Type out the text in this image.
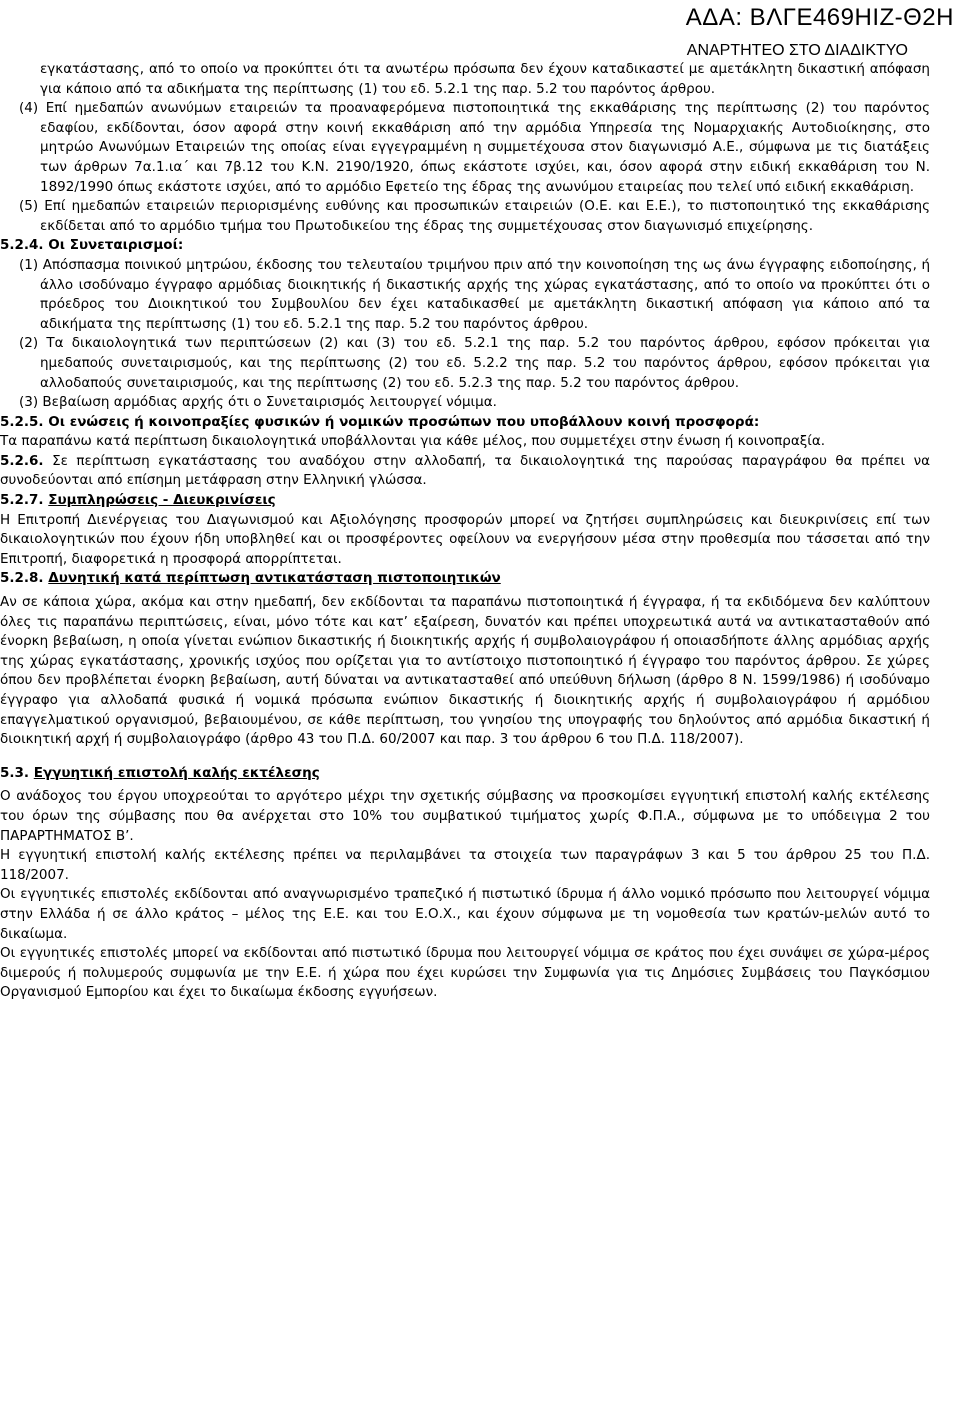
ΑΔΑ: ΒΛΓΕ469ΗΙΖ-Θ2Η
ΑΝΑΡΤΗΤΕΟ ΣΤΟ ΔΙΑΔΙΚΤΥΟ

εγκατάστασης, από το οποίο να προκύπτει ότι τα ανωτέρω πρόσωπα δεν έχουν καταδικαστεί με αμετάκλητη δικαστική απόφαση για κάποιο από τα αδικήματα της περίπτωσης (1) του εδ. 5.2.1 της παρ. 5.2 του παρόντος άρθρου.

(4) Επί ημεδαπών ανωνύμων εταιρειών τα προαναφερόμενα πιστοποιητικά της εκκαθάρισης της περίπτωσης (2) του παρόντος εδαφίου, εκδίδονται, όσον αφορά στην κοινή εκκαθάριση από την αρμόδια Υπηρεσία της Νομαρχιακής Αυτοδιοίκησης, στο μητρώο Ανωνύμων Εταιρειών της οποίας είναι εγγεγραμμένη η συμμετέχουσα στον διαγωνισμό Α.Ε., σύμφωνα με τις διατάξεις των άρθρων 7α.1.ια΄ και 7β.12 του Κ.Ν. 2190/1920, όπως εκάστοτε ισχύει, και, όσον αφορά στην ειδική εκκαθάριση του Ν. 1892/1990 όπως εκάστοτε ισχύει, από το αρμόδιο Εφετείο της έδρας της ανωνύμου εταιρείας που τελεί υπό ειδική εκκαθάριση.

(5) Επί ημεδαπών εταιρειών περιορισμένης ευθύνης και προσωπικών εταιρειών (Ο.Ε. και Ε.Ε.), το πιστοποιητικό της εκκαθάρισης εκδίδεται από το αρμόδιο τμήμα του Πρωτοδικείου της έδρας της συμμετέχουσας στον διαγωνισμό επιχείρησης.

5.2.4. Οι Συνεταιρισμοί:

(1) Απόσπασμα ποινικού μητρώου, έκδοσης του τελευταίου τριμήνου πριν από την κοινοποίηση της ως άνω έγγραφης ειδοποίησης, ή άλλο ισοδύναμο έγγραφο αρμόδιας διοικητικής ή δικαστικής αρχής της χώρας εγκατάστασης, από το οποίο να προκύπτει ότι ο πρόεδρος του Διοικητικού του Συμβουλίου δεν έχει καταδικασθεί με αμετάκλητη δικαστική απόφαση για κάποιο από τα αδικήματα της περίπτωσης (1) του εδ. 5.2.1 της παρ. 5.2 του παρόντος άρθρου.

(2) Τα δικαιολογητικά των περιπτώσεων (2) και (3) του εδ. 5.2.1 της παρ. 5.2 του παρόντος άρθρου, εφόσον πρόκειται για ημεδαπούς συνεταιρισμούς, και της περίπτωσης (2) του εδ. 5.2.2 της παρ. 5.2 του παρόντος άρθρου, εφόσον πρόκειται για αλλοδαπούς συνεταιρισμούς, και της περίπτωσης (2) του εδ. 5.2.3 της παρ. 5.2 του παρόντος άρθρου.

(3) Βεβαίωση αρμόδιας αρχής ότι ο Συνεταιρισμός λειτουργεί νόμιμα.

5.2.5. Οι ενώσεις ή κοινοπραξίες φυσικών ή νομικών προσώπων που υποβάλλουν κοινή προσφορά:

Τα παραπάνω κατά περίπτωση δικαιολογητικά υποβάλλονται για κάθε μέλος, που συμμετέχει στην ένωση ή κοινοπραξία.

5.2.6. Σε περίπτωση εγκατάστασης του αναδόχου στην αλλοδαπή, τα δικαιολογητικά της παρούσας παραγράφου θα πρέπει να συνοδεύονται από επίσημη μετάφραση στην Ελληνική γλώσσα.

5.2.7. Συμπληρώσεις - Διευκρινίσεις

Η Επιτροπή Διενέργειας του Διαγωνισμού και Αξιολόγησης προσφορών μπορεί να ζητήσει συμπληρώσεις και διευκρινίσεις επί των δικαιολογητικών που έχουν ήδη υποβληθεί και οι προσφέροντες οφείλουν να ενεργήσουν μέσα στην προθεσμία που τάσσεται από την Επιτροπή, διαφορετικά η προσφορά απορρίπτεται.

5.2.8. Δυνητική κατά περίπτωση αντικατάσταση πιστοποιητικών

Αν σε κάποια χώρα, ακόμα και στην ημεδαπή, δεν εκδίδονται τα παραπάνω πιστοποιητικά ή έγγραφα, ή τα εκδιδόμενα δεν καλύπτουν όλες τις παραπάνω περιπτώσεις, είναι, μόνο τότε και κατ’ εξαίρεση, δυνατόν και πρέπει υποχρεωτικά αυτά να αντικατασταθούν από ένορκη βεβαίωση, η οποία γίνεται ενώπιον δικαστικής ή διοικητικής αρχής ή συμβολαιογράφου ή οποιασδήποτε άλλης αρμόδιας αρχής της χώρας εγκατάστασης, χρονικής ισχύος που ορίζεται για το αντίστοιχο πιστοποιητικό ή έγγραφο του παρόντος άρθρου. Σε χώρες όπου δεν προβλέπεται ένορκη βεβαίωση, αυτή δύναται να αντικατασταθεί από υπεύθυνη δήλωση (άρθρο 8 Ν. 1599/1986) ή ισοδύναμο έγγραφο για αλλοδαπά φυσικά ή νομικά πρόσωπα ενώπιον δικαστικής ή διοικητικής αρχής ή συμβολαιογράφου ή αρμόδιου επαγγελματικού οργανισμού, βεβαιουμένου, σε κάθε περίπτωση, του γνησίου της υπογραφής του δηλούντος από αρμόδια δικαστική ή διοικητική αρχή ή συμβολαιογράφο (άρθρο 43 του Π.Δ. 60/2007 και παρ. 3 του άρθρου 6 του Π.Δ. 118/2007).

5.3. Εγγυητική επιστολή καλής εκτέλεσης

Ο ανάδοχος του έργου υποχρεούται το αργότερο μέχρι την σχετικής σύμβασης να προσκομίσει εγγυητική επιστολή καλής εκτέλεσης του όρων της σύμβασης που θα ανέρχεται στο 10% του συμβατικού τιμήματος χωρίς Φ.Π.Α., σύμφωνα με το υπόδειγμα 2 του ΠΑΡΑΡΤΗΜΑΤΟΣ Β’.

Η εγγυητική επιστολή καλής εκτέλεσης πρέπει να περιλαμβάνει τα στοιχεία των παραγράφων 3 και 5 του άρθρου 25 του Π.Δ. 118/2007.

Οι εγγυητικές επιστολές εκδίδονται από αναγνωρισμένο τραπεζικό ή πιστωτικό ίδρυμα ή άλλο νομικό πρόσωπο που λειτουργεί νόμιμα στην Ελλάδα ή σε άλλο κράτος – μέλος της Ε.Ε. και του Ε.Ο.Χ., και έχουν σύμφωνα με τη νομοθεσία των κρατών-μελών αυτό το δικαίωμα.

Οι εγγυητικές επιστολές μπορεί να εκδίδονται από πιστωτικό ίδρυμα που λειτουργεί νόμιμα σε κράτος που έχει συνάψει σε χώρα-μέρος διμερούς ή πολυμερούς συμφωνία με την Ε.Ε. ή χώρα που έχει κυρώσει την Συμφωνία για τις Δημόσιες Συμβάσεις του Παγκόσμιου Οργανισμού Εμπορίου και έχει το δικαίωμα έκδοσης εγγυήσεων.
